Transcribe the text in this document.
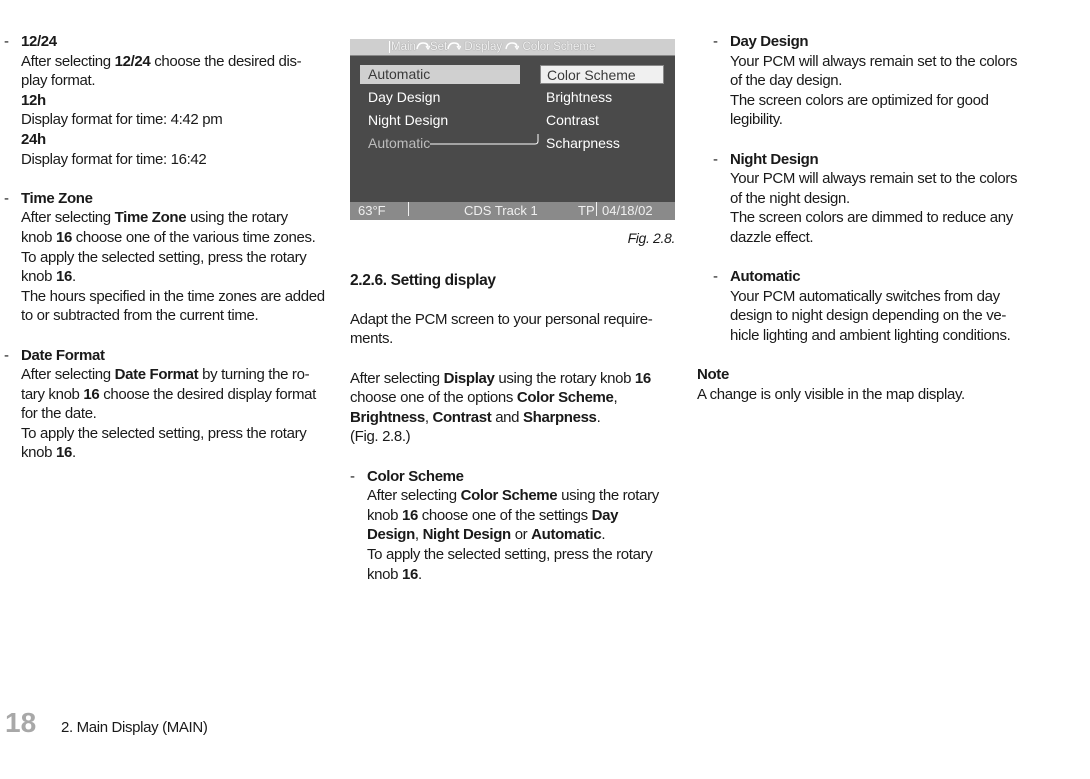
- 12/24

After selecting 12/24 choose the desired dis-

play format.

12h

Display format for time: 4:42 pm

24h

Display format for time: 16:42

- Time Zone

After selecting Time Zone using the rotary

knob 16 choose one of the various time zones.

To apply the selected setting, press the rotary

knob 16.

The hours specified in the time zones are added

to or subtracted from the current time.

- Date Format

After selecting Date Format by turning the ro-

tary knob 16 choose the desired display format

for the date.

To apply the selected setting, press the rotary

knob 16.

Main Set Display Color Scheme
Automatic
Day Design
Night Design
Automatic
Color Scheme
Brightness
Contrast
Scharpness
63°F	CDS Track 1	TP 04/18/02
Fig. 2.8.

2.2.6. Setting display

Adapt the PCM screen to your personal require-

ments.

After selecting Display using the rotary knob 16

choose one of the options Color Scheme,

Brightness, Contrast and Sharpness.

(Fig. 2.8.)

- Color Scheme

After selecting Color Scheme using the rotary

knob 16 choose one of the settings Day

Design, Night Design or Automatic.

To apply the selected setting, press the rotary

knob 16.

- Day Design

Your PCM will always remain set to the colors

of the day design.

The screen colors are optimized for good

legibility.

- Night Design

Your PCM will always remain set to the colors

of the night design.

The screen colors are dimmed to reduce any

dazzle effect.

- Automatic

Your PCM automatically switches from day

design to night design depending on the ve-

hicle lighting and ambient lighting conditions.

Note

A change is only visible in the map display.

18 2. Main Display (MAIN)
